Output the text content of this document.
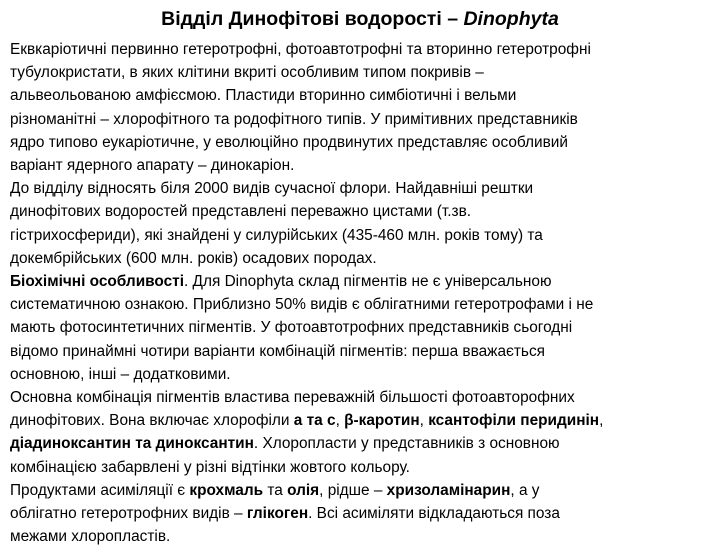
Відділ Динофітові водорості – Dinophyta

Еквкаріотичні первинно гетеротрофні, фотоавтотрофні та вторинно гетеротрофні
тубулокристати, в яких клітини вкриті особливим типом покривів –
альвеольованою амфієсмою. Пластиди вторинно симбіотичні і вельми
різноманітні – хлорофітного та родофітного типів. У примітивних представників
ядро типово еукаріотичне, у еволюційно продвинутих представляє особливий
варіант ядерного апарату – динокаріон.

До відділу відносять біля 2000 видів сучасної флори. Найдавніші рештки
динофітових водоростей представлені переважно цистами (т.зв.
гістрихосфериди), які знайдені у силурійських (435-460 млн. років тому) та
докембрійських (600 млн. років) осадових породах.

Біохімічні особливості. Для Dinophyta склад пігментів не є універсальною
систематичною ознакою. Приблизно 50% видів є облігатними гетеротрофами і не
мають фотосинтетичних пігментів. У фотоавтотрофних представників сьогодні
відомо принаймні чотири варіанти комбінацій пігментів: перша вважається
основною, інші – додатковими.

Основна комбінація пігментів властива переважній більшості фотоавторофних
динофітових. Вона включає хлорофіли а та с, β-каротин, ксантофіли перидинін,
діадиноксантин та диноксантин. Хлоропласти у представників з основною
комбінацією забарвлені у різні відтінки жовтого кольору.

Продуктами асиміляції є крохмаль та олія, рідше – хризоламінарин, а у
облігатно гетеротрофних видів – глікоген. Всі асиміляти відкладаються поза
межами хлоропластів.
